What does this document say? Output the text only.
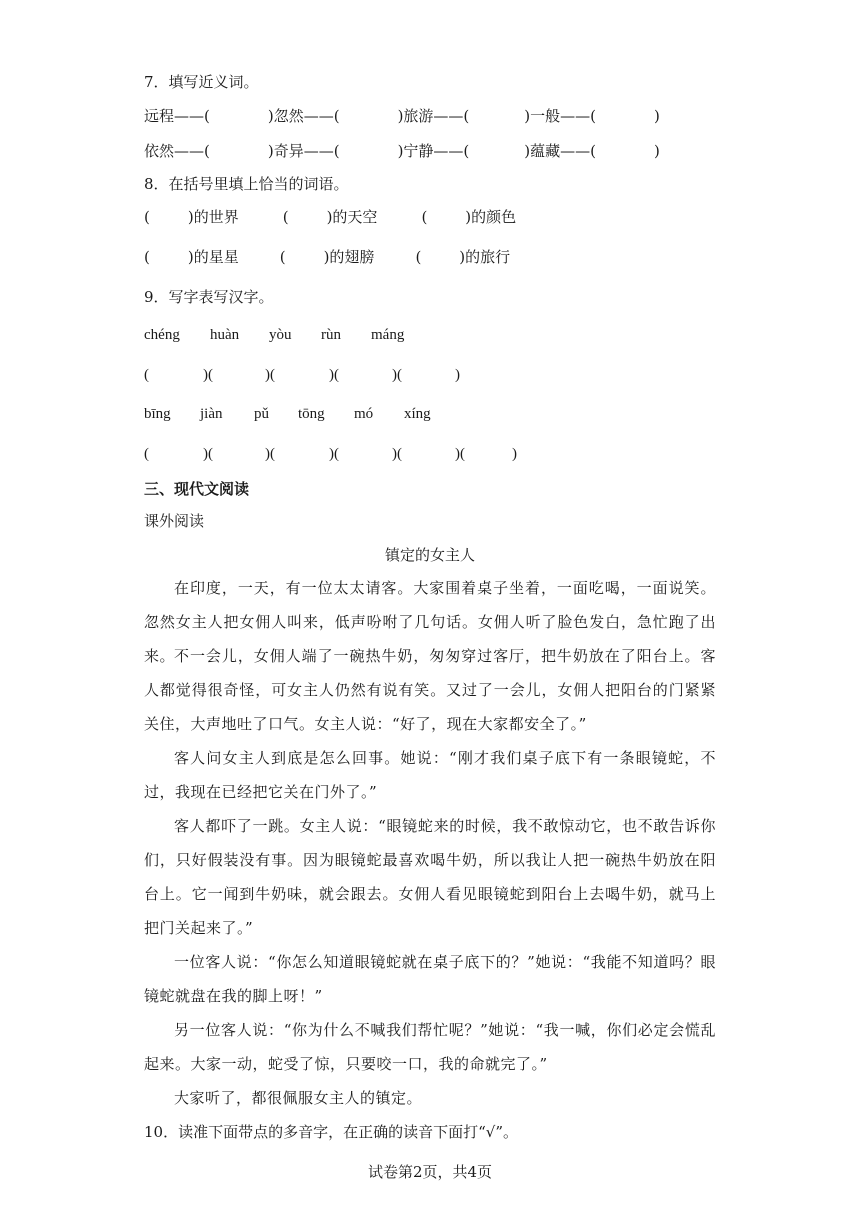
7．填写近义词。
远程——(	)忽然——(	)旅游——(	)一般——(	)
依然——(	)奇异——(	)宁静——(	)蕴藏——(	)
8．在括号里填上恰当的词语。
(	)的世界	(	)的天空	(	)的颜色
(	)的星星	(	)的翅膀	(	)的旅行
9．写字表写汉字。
chéng huàn yòu rùn máng
(	)(	)(	)(	)(	)
bīng jiàn pǔ tōng mó xíng
(	)(	)(	)(	)(	)(	)
三、现代文阅读
课外阅读
镇定的女主人
在印度，一天，有一位太太请客。大家围着桌子坐着，一面吃喝，一面说笑。忽然女主人把女佣人叫来，低声吩咐了几句话。女佣人听了脸色发白，急忙跑了出来。
不一会儿，女佣人端了一碗热牛奶，匆匆穿过客厅，把牛奶放在了阳台上。客人都觉得很奇怪，可女主人仍然有说有笑。又过了一会儿，女佣人把阳台的门紧紧关住，大声地吐了口气。女主人说：“好了，现在大家都安全了。”
客人问女主人到底是怎么回事。她说：“刚才我们桌子底下有一条眼镜蛇，不过，我现在已经把它关在门外了。”
客人都吓了一跳。女主人说：“眼镜蛇来的时候，我不敢惊动它，也不敢告诉你们，只好假装没有事。因为眼镜蛇最喜欢喝牛奶，所以我让人把一碗热牛奶放在阳台上。它一闻到牛奶味，就会跟去。女佣人看见眼镜蛇到阳台上去喝牛奶，就马上把门关起来了。”
一位客人说：“你怎么知道眼镜蛇就在桌子底下的？”她说：“我能不知道吗？眼镜蛇就盘在我的脚上呀！”
另一位客人说：“你为什么不喊我们帮忙呢？”她说：“我一喊，你们必定会慌乱起来。大家一动，蛇受了惊，只要咬一口，我的命就完了。”
大家听了，都很佩服女主人的镇定。
10．读准下面带点的多音字，在正确的读音下面打“√”。
试卷第2页，共4页
